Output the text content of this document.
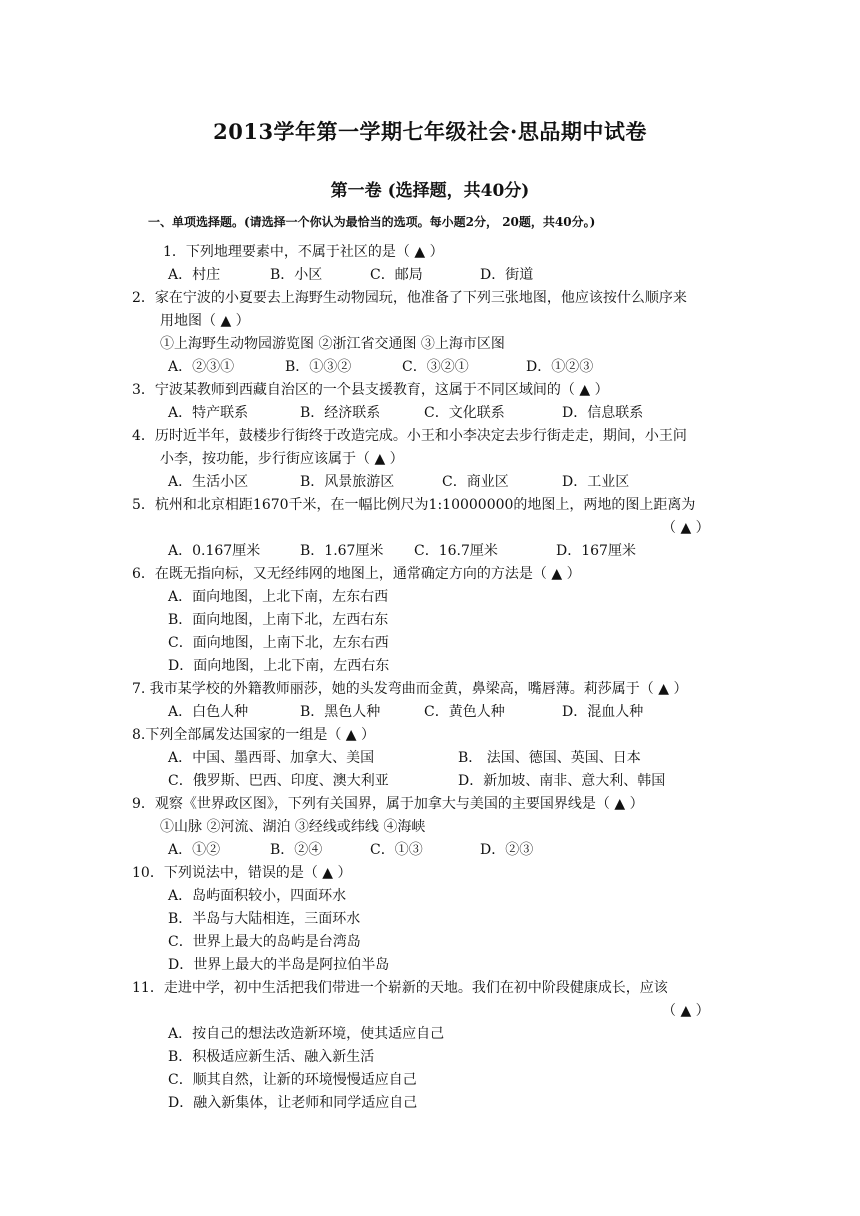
2013学年第一学期七年级社会·思品期中试卷
第一卷 (选择题，共40分)
一、单项选择题。(请选择一个你认为最恰当的选项。每小题2分， 20题，共40分。)
1．下列地理要素中，不属于社区的是（ ▲ ）
A．村庄	B．小区	C．邮局	D．街道
2．家在宁波的小夏要去上海野生动物园玩，他准备了下列三张地图，他应该按什么顺序来
用地图（ ▲ ）
①上海野生动物园游览图 ②浙江省交通图 ③上海市区图
A．②③①	B．①③②	C．③②①	D．①②③
3．宁波某教师到西藏自治区的一个县支援教育，这属于不同区域间的（ ▲ ）
A．特产联系	B．经济联系	C．文化联系	D．信息联系
4．历时近半年，鼓楼步行街终于改造完成。小王和小李决定去步行街走走，期间，小王问
小李，按功能，步行街应该属于（ ▲ ）
A．生活小区	B．风景旅游区	C．商业区	D．工业区
5．杭州和北京相距1670千米，在一幅比例尺为1:10000000的地图上，两地的图上距离为
（ ▲ ）
A．0.167厘米	B．1.67厘米 C．16.7厘米	D．167厘米
6．在既无指向标，又无经纬网的地图上，通常确定方向的方法是（ ▲ ）
A．面向地图，上北下南，左东右西
B．面向地图，上南下北，左西右东
C．面向地图，上南下北，左东右西
D．面向地图，上北下南，左西右东
7. 我市某学校的外籍教师丽莎，她的头发弯曲而金黄，鼻梁高，嘴唇薄。莉莎属于（ ▲ ）
A．白色人种	B．黑色人种	C．黄色人种	D．混血人种
8.下列全部属发达国家的一组是（ ▲ ）
A．中国、墨西哥、加拿大、美国	B． 法国、德国、英国、日本
C．俄罗斯、巴西、印度、澳大利亚	D．新加坡、南非、意大利、韩国
9．观察《世界政区图》，下列有关国界，属于加拿大与美国的主要国界线是（ ▲ ）
①山脉 ②河流、湖泊 ③经线或纬线 ④海峡
A．①②	B．②④	C．①③	D．②③
10．下列说法中，错误的是（ ▲ ）
A．岛屿面积较小，四面环水
B．半岛与大陆相连，三面环水
C．世界上最大的岛屿是台湾岛
D．世界上最大的半岛是阿拉伯半岛
11．走进中学，初中生活把我们带进一个崭新的天地。我们在初中阶段健康成长，应该
（ ▲ ）
A．按自己的想法改造新环境，使其适应自己
B．积极适应新生活、融入新生活
C．顺其自然，让新的环境慢慢适应自己
D．融入新集体，让老师和同学适应自己
